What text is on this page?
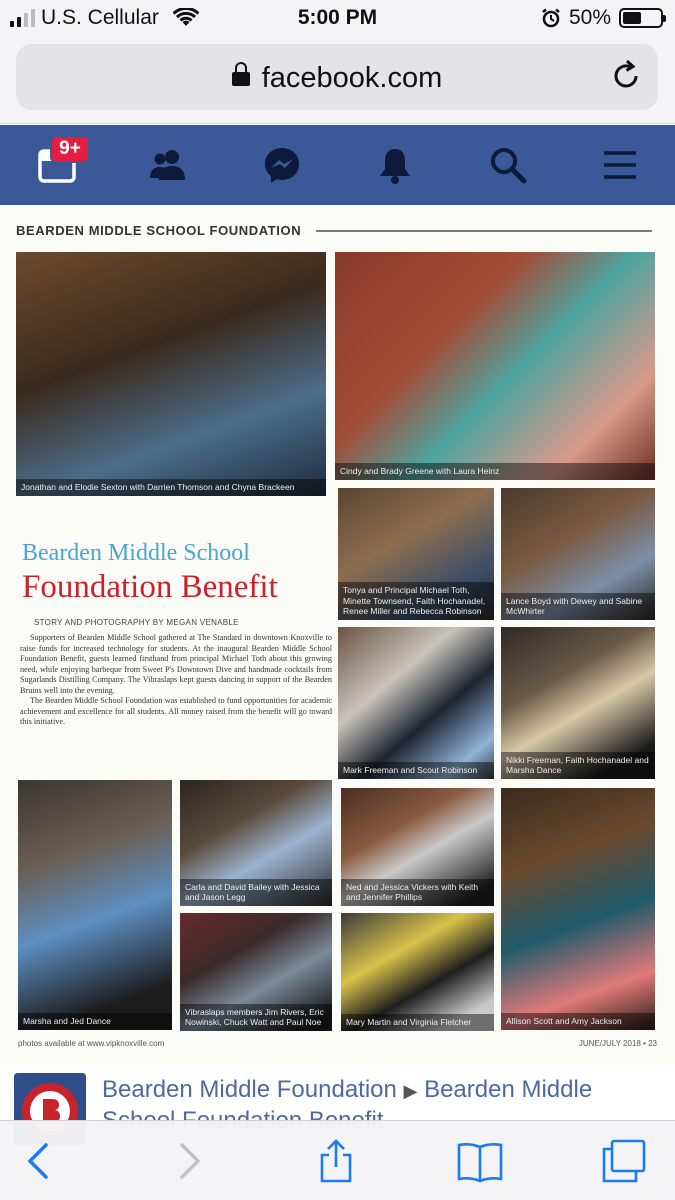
U.S. Cellular	5:00 PM	50%
facebook.com
9+
BEARDEN MIDDLE SCHOOL FOUNDATION
Jonathan and Elodie Sexton with Darrien Thomson and Chyna Brackeen
Cindy and Brady Greene with Laura Heinz
Tonya and Principal Michael Toth, Minette Townsend, Faith Hochanadel, Renee Miller and Rebecca Robinson
Lance Boyd with Dewey and Sabine McWhirter
Mark Freeman and Scout Robinson
Nikki Freeman, Faith Hochanadel and Marsha Dance
Marsha and Jed Dance
Carla and David Bailey with Jessica and Jason Legg
Ned and Jessica Vickers with Keith and Jennifer Phillips
Allison Scott and Amy Jackson
Vibraslaps members Jim Rivers, Eric Nowinski, Chuck Watt and Paul Noe	Mary Martin and Virginia Fletcher
Bearden Middle School
Foundation Benefit
STORY AND PHOTOGRAPHY BY MEGAN VENABLE

Supporters of Bearden Middle School gathered at The Standard in downtown Knoxville to raise funds for increased technology for students. At the inaugural Bearden Middle School Foundation Benefit, guests learned firsthand from principal Michael Toth about this growing need, while enjoying barbeque from Sweet P's Downtown Dive and handmade cocktails from Sugarlands Distilling Company. The Vibraslaps kept guests dancing in support of the Bearden Bruins well into the evening.

The Bearden Middle School Foundation was established to fund opportunities for academic achievement and excellence for all students. All money raised from the benefit will go toward this initiative.

photos available at www.vipknoxville.com	JUNE/JULY 2018 • 23
Bearden Middle Foundation ▶ Bearden Middle
